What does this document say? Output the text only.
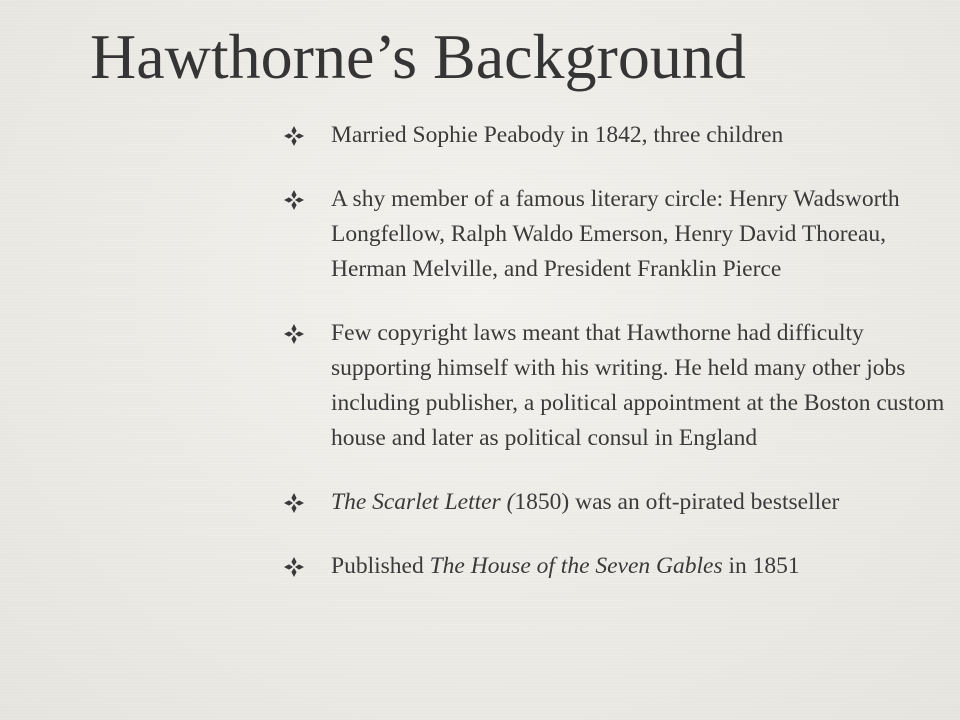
Hawthorne’s Background
Married Sophie Peabody in 1842, three children
A shy member of a famous literary circle: Henry Wadsworth Longfellow, Ralph Waldo Emerson, Henry David Thoreau, Herman Melville, and President Franklin Pierce
Few copyright laws meant that Hawthorne had difficulty supporting himself with his writing. He held many other jobs including publisher, a political appointment at the Boston custom house and later as political consul in England
The Scarlet Letter (1850) was an oft-pirated bestseller
Published The House of the Seven Gables in 1851
